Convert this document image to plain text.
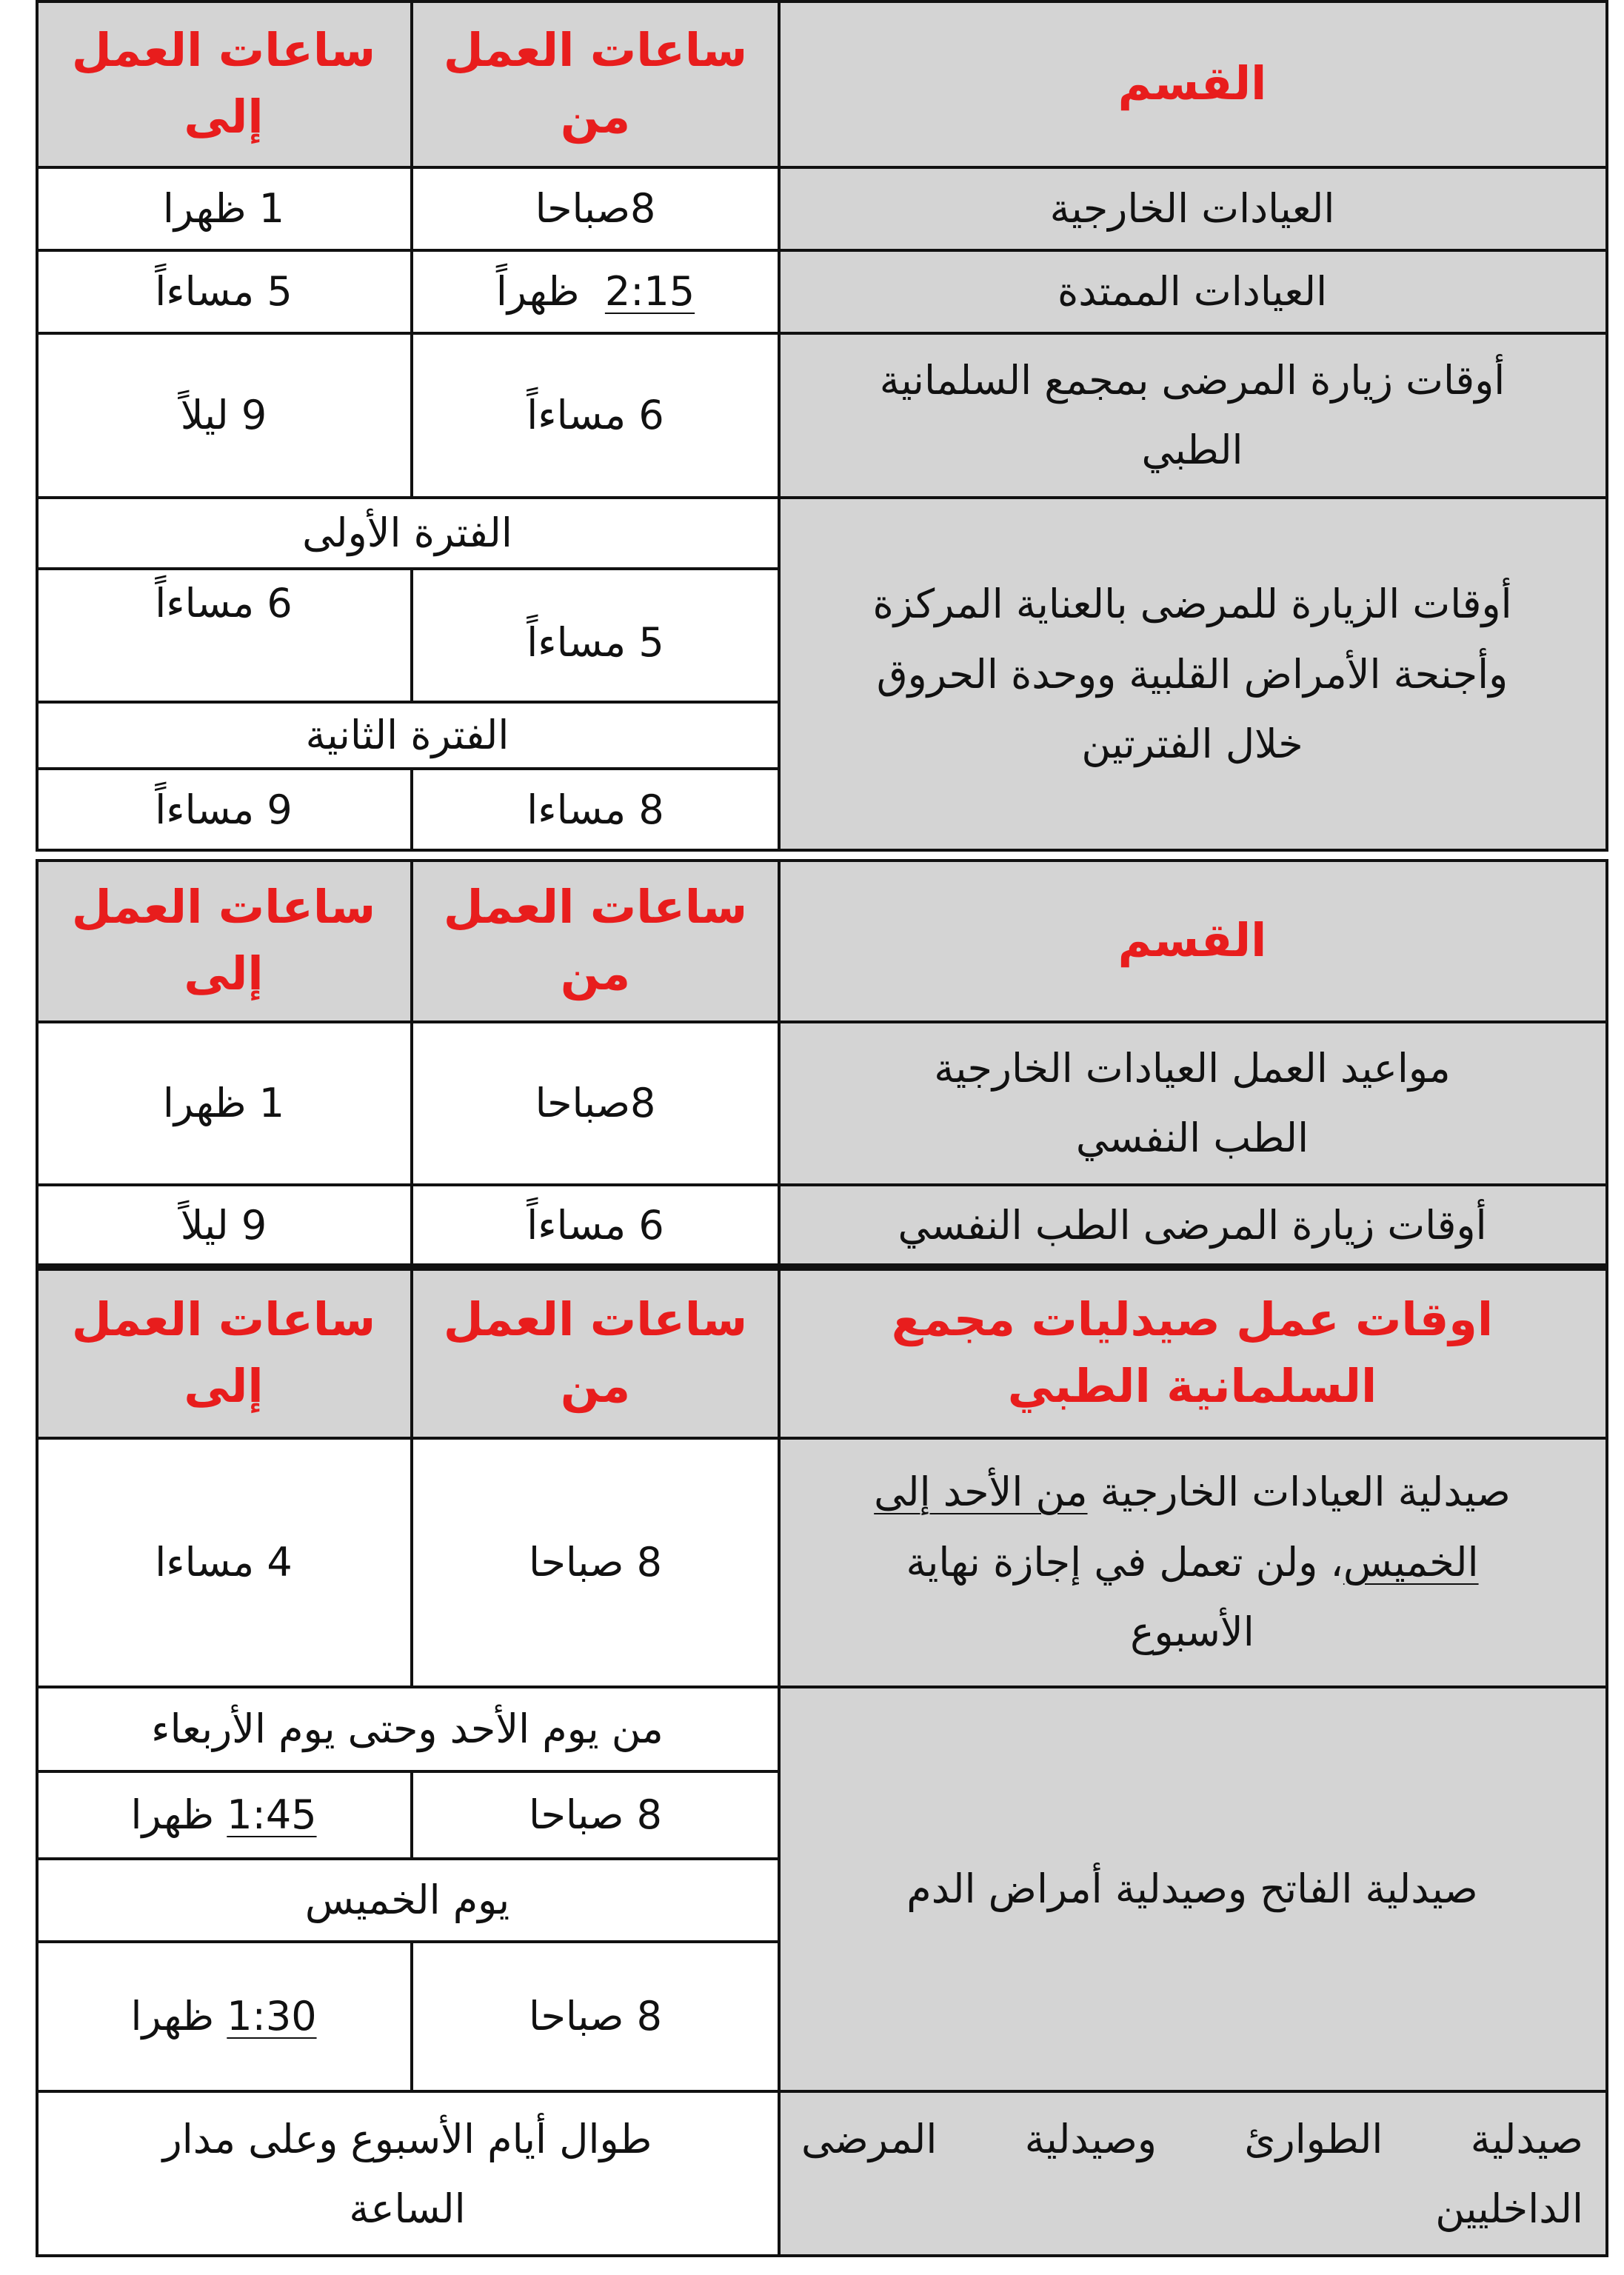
القسم
ساعات العمل
من
ساعات العمل
إلى
العيادات الخارجية
8صباحا
1 ظهرا
العيادات الممتدة
2:15  ظهراً
5 مساءاً
أوقات زيارة المرضى بمجمع السلمانية
الطبي
6 مساءاً
9 ليلاً
أوقات الزيارة للمرضى بالعناية المركزة
وأجنحة الأمراض القلبية ووحدة الحروق
خلال الفترتين
الفترة الأولى
5 مساءاً
6 مساءاً
الفترة الثانية
8 مساءا
9 مساءاً
القسم
ساعات العمل
من
ساعات العمل
إلى
مواعيد العمل العيادات الخارجية
الطب النفسي
8صباحا
1 ظهرا
أوقات زيارة المرضى الطب النفسي
6 مساءاً
9 ليلاً
اوقات عمل صيدليات مجمع
السلمانية الطبي
ساعات العمل
من
ساعات العمل
إلى
صيدلية العيادات الخارجية من الأحد إلى
الخميس، ولن تعمل في إجازة نهاية
الأسبوع
8 صباحا
4 مساءا
صيدلية الفاتح وصيدلية أمراض الدم
من يوم الأحد وحتى يوم الأربعاء
8 صباحا
1:45 ظهرا
يوم الخميس
8 صباحا
1:30 ظهرا
صيدلية الطوارئ وصيدلية المرضى
الداخليين
طوال أيام الأسبوع وعلى مدار
الساعة
